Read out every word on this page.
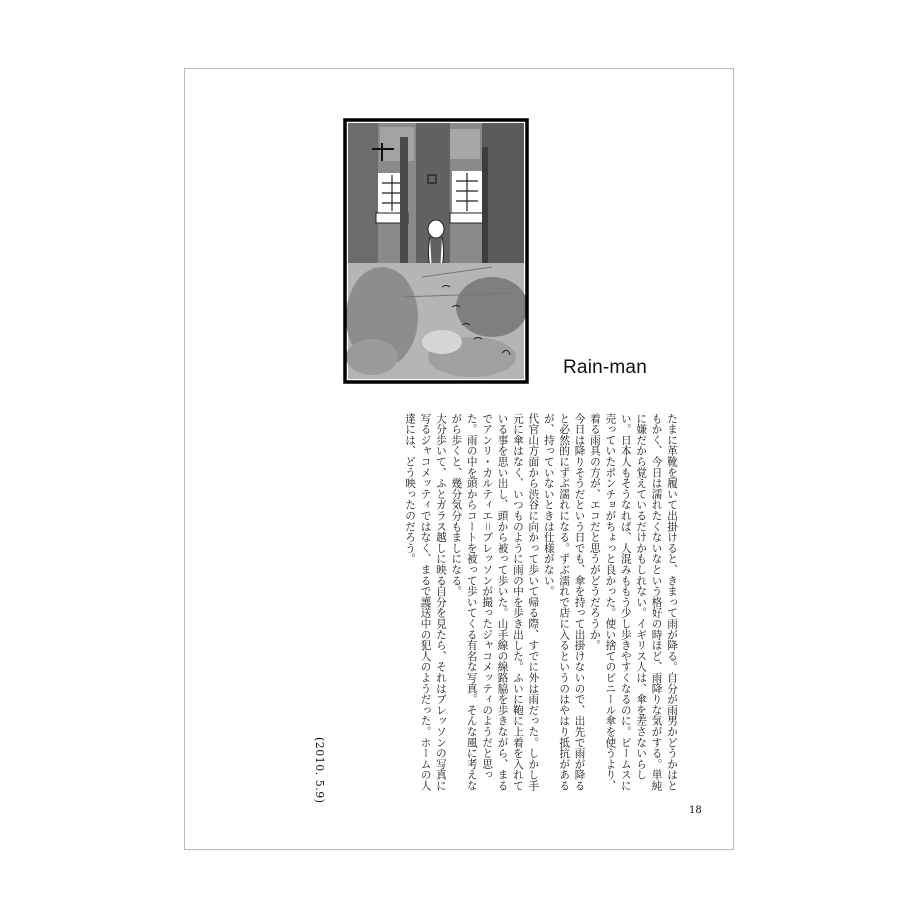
Rain-man

たまに革靴を履いて出掛けると、きまって雨が降る。自分が雨男かどうかはともかく、今日は濡れたくないなという格好の時ほど、雨降りな気がする。単純に嫌だから覚えているだけかもしれない。イギリス人は、傘を差さないらしい。日本人もそうなれば、人混みももう少し歩きやすくなるのに。ビームスに売っていたポンチョがちょっと良かった。使い捨てのビニール傘を使うより、着る雨具の方が、エコだと思うがどうだろうか。

今日は降りそうだという日でも、傘を持って出掛けないので、出先で雨が降ると必然的にずぶ濡れになる。ずぶ濡れで店に入るというのはやはり抵抗があるが、持っていないときは仕様がない。

代官山方面から渋谷に向かって歩いて帰る際、すでに外は雨だった。しかし手元に傘はなく、いつものように雨の中を歩き出した。ふいに鞄に上着を入れている事を思い出し、頭から被って歩いた。山手線の線路脇を歩きながら、まるでアンリ・カルティエ＝ブレッソンが撮ったジャコメッティのようだと思った。雨の中を頭からコートを被って歩いてくる有名な写真。そんな風に考えながら歩くと、幾分気分もましになる。

大分歩いて、ふとガラス越しに映る自分を見たら、それはブレッソンの写真に写るジャコメッティではなく、まるで護送中の犯人のようだった。ホームの人達には、どう映ったのだろう。

(2010. 5.9)
18
